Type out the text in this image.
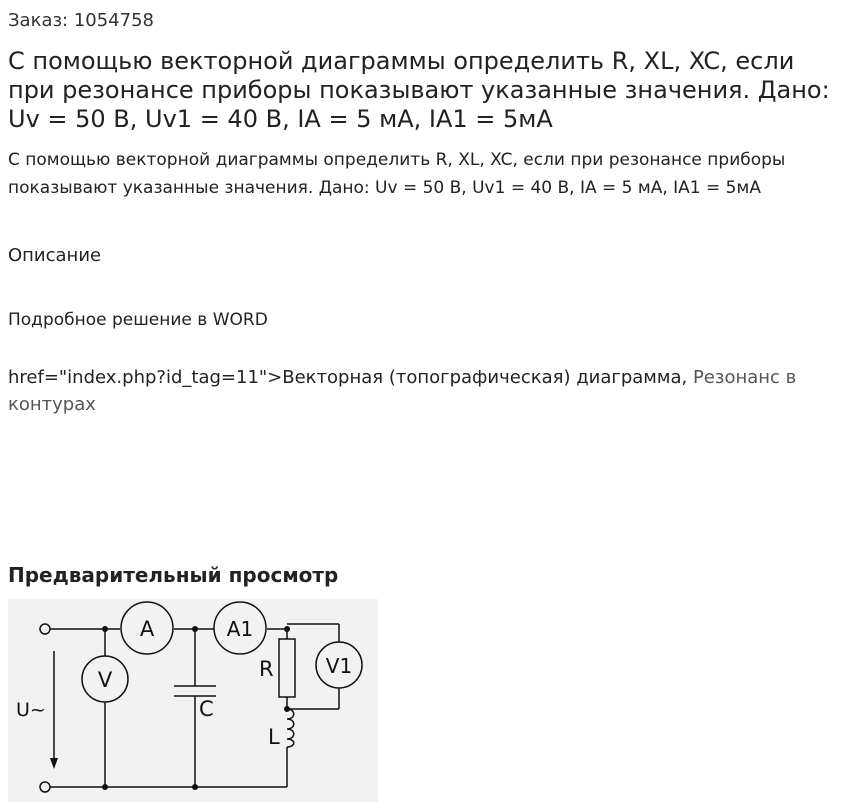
Заказ: 1054758
С помощью векторной диаграммы определить R, XL, XC, если при резонансе приборы показывают указанные значения. Дано: Uv = 50 В, Uv1 = 40 В, IA = 5 мА, IA1 = 5мА

С помощью векторной диаграммы определить R, XL, XC, если при резонансе приборы показывают указанные значения. Дано: Uv = 50 В, Uv1 = 40 В, IA = 5 мА, IA1 = 5мА

Описание
Подробное решение в WORD
href="index.php?id_tag=11">Векторная (топографическая) диаграмма, Резонанс в контурах
Предварительный просмотр
A	A1
V
V1
U~	C
R
L
